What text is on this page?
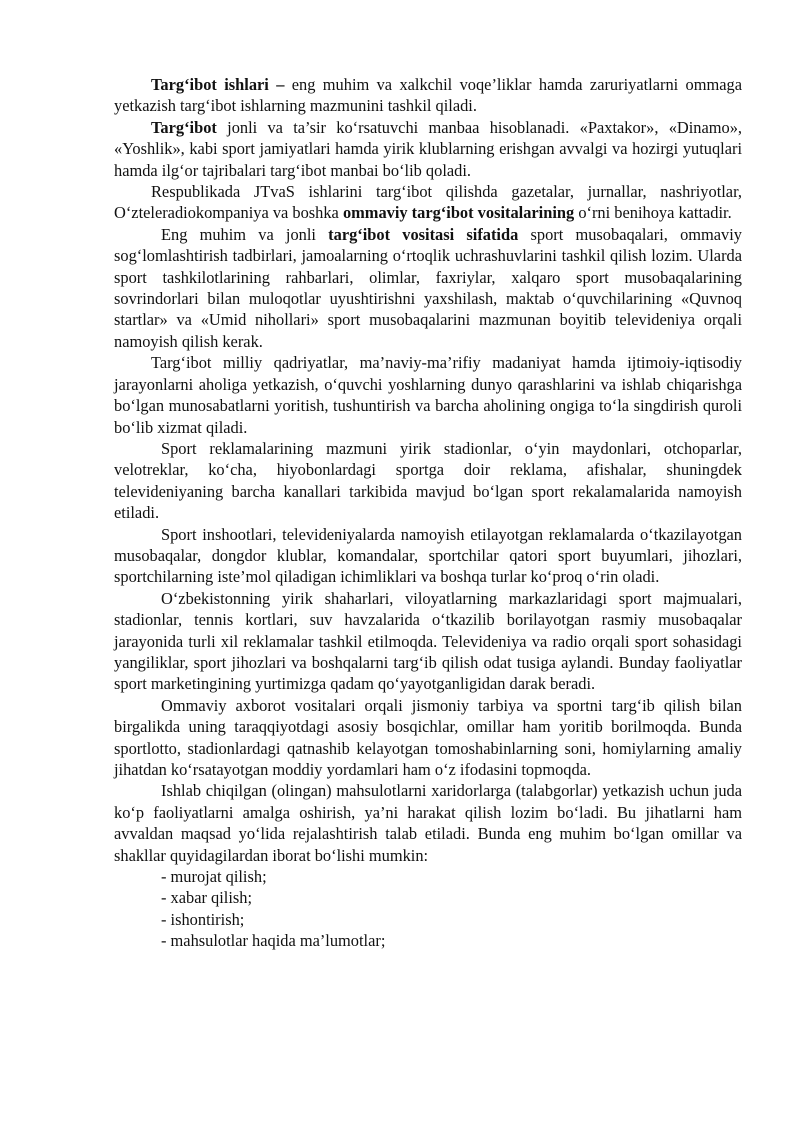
Targ‘ibot ishlari – eng muhim va xalkchil voqe’liklar hamda zaruriyatlarni ommaga yetkazish targ‘ibot ishlarning mazmunini tashkil qiladi.

Targ‘ibot jonli va ta’sir ko‘rsatuvchi manbaa hisoblanadi. «Paxtakor», «Dinamo», «Yoshlik», kabi sport jamiyatlari hamda yirik klublarning erishgan avvalgi va hozirgi yutuqlari hamda ilg‘or tajribalari targ‘ibot manbai bo‘lib qoladi.

Respublikada JTvaS ishlarini targ‘ibot qilishda gazetalar, jurnallar, nashriyotlar, O‘zteleradiokompaniya va boshka ommaviy targ‘ibot vositalarining o‘rni benihoya kattadir.

Eng muhim va jonli targ‘ibot vositasi sifatida sport musobaqalari, ommaviy sog‘lomlashtirish tadbirlari, jamoalarning o‘rtoqlik uchrashuvlarini tashkil qilish lozim. Ularda sport tashkilotlarining rahbarlari, olimlar, faxriylar, xalqaro sport musobaqalarining sovrindorlari bilan muloqotlar uyushtirishni yaxshilash, maktab o‘quvchilarining «Quvnoq startlar» va «Umid nihollari» sport musobaqalarini mazmunan boyitib televideniya orqali namoyish qilish kerak.

Targ‘ibot milliy qadriyatlar, ma’naviy-ma’rifiy madaniyat hamda ijtimoiy-iqtisodiy jarayonlarni aholiga yetkazish, o‘quvchi yoshlarning dunyo qarashlarini va ishlab chiqarishga bo‘lgan munosabatlarni yoritish, tushuntirish va barcha aholining ongiga to‘la singdirish quroli bo‘lib xizmat qiladi.

Sport reklamalarining mazmuni yirik stadionlar, o‘yin maydonlari, otchoparlar, velotreklar, ko‘cha, hiyobonlardagi sportga doir reklama, afishalar, shuningdek televideniyaning barcha kanallari tarkibida mavjud bo‘lgan sport rekalamalarida namoyish etiladi.

Sport inshootlari, televideniyalarda namoyish etilayotgan reklamalarda o‘tkazilayotgan musobaqalar, dongdor klublar, komandalar, sportchilar qatori sport buyumlari, jihozlari, sportchilarning iste’mol qiladigan ichimliklari va boshqa turlar ko‘proq o‘rin oladi.

O‘zbekistonning yirik shaharlari, viloyatlarning markazlaridagi sport majmualari, stadionlar, tennis kortlari, suv havzalarida o‘tkazilib borilayotgan rasmiy musobaqalar jarayonida turli xil reklamalar tashkil etilmoqda. Televideniya va radio orqali sport sohasidagi yangiliklar, sport jihozlari va boshqalarni targ‘ib qilish odat tusiga aylandi. Bunday faoliyatlar sport marketingining yurtimizga qadam qo‘yayotganligidan darak beradi.

Ommaviy axborot vositalari orqali jismoniy tarbiya va sportni targ‘ib qilish bilan birgalikda uning taraqqiyotdagi asosiy bosqichlar, omillar ham yoritib borilmoqda. Bunda sportlotto, stadionlardagi qatnashib kelayotgan tomoshabinlarning soni, homiylarning amaliy jihatdan ko‘rsatayotgan moddiy yordamlari ham o‘z ifodasini topmoqda.

Ishlab chiqilgan (olingan) mahsulotlarni xaridorlarga (talabgorlar) yetkazish uchun juda ko‘p faoliyatlarni amalga oshirish, ya’ni harakat qilish lozim bo‘ladi. Bu jihatlarni ham avvaldan maqsad yo‘lida rejalashtirish talab etiladi. Bunda eng muhim bo‘lgan omillar va shakllar quyidagilardan iborat bo‘lishi mumkin:

- murojat qilish;
- xabar qilish;
- ishontirish;
- mahsulotlar haqida ma’lumotlar;
